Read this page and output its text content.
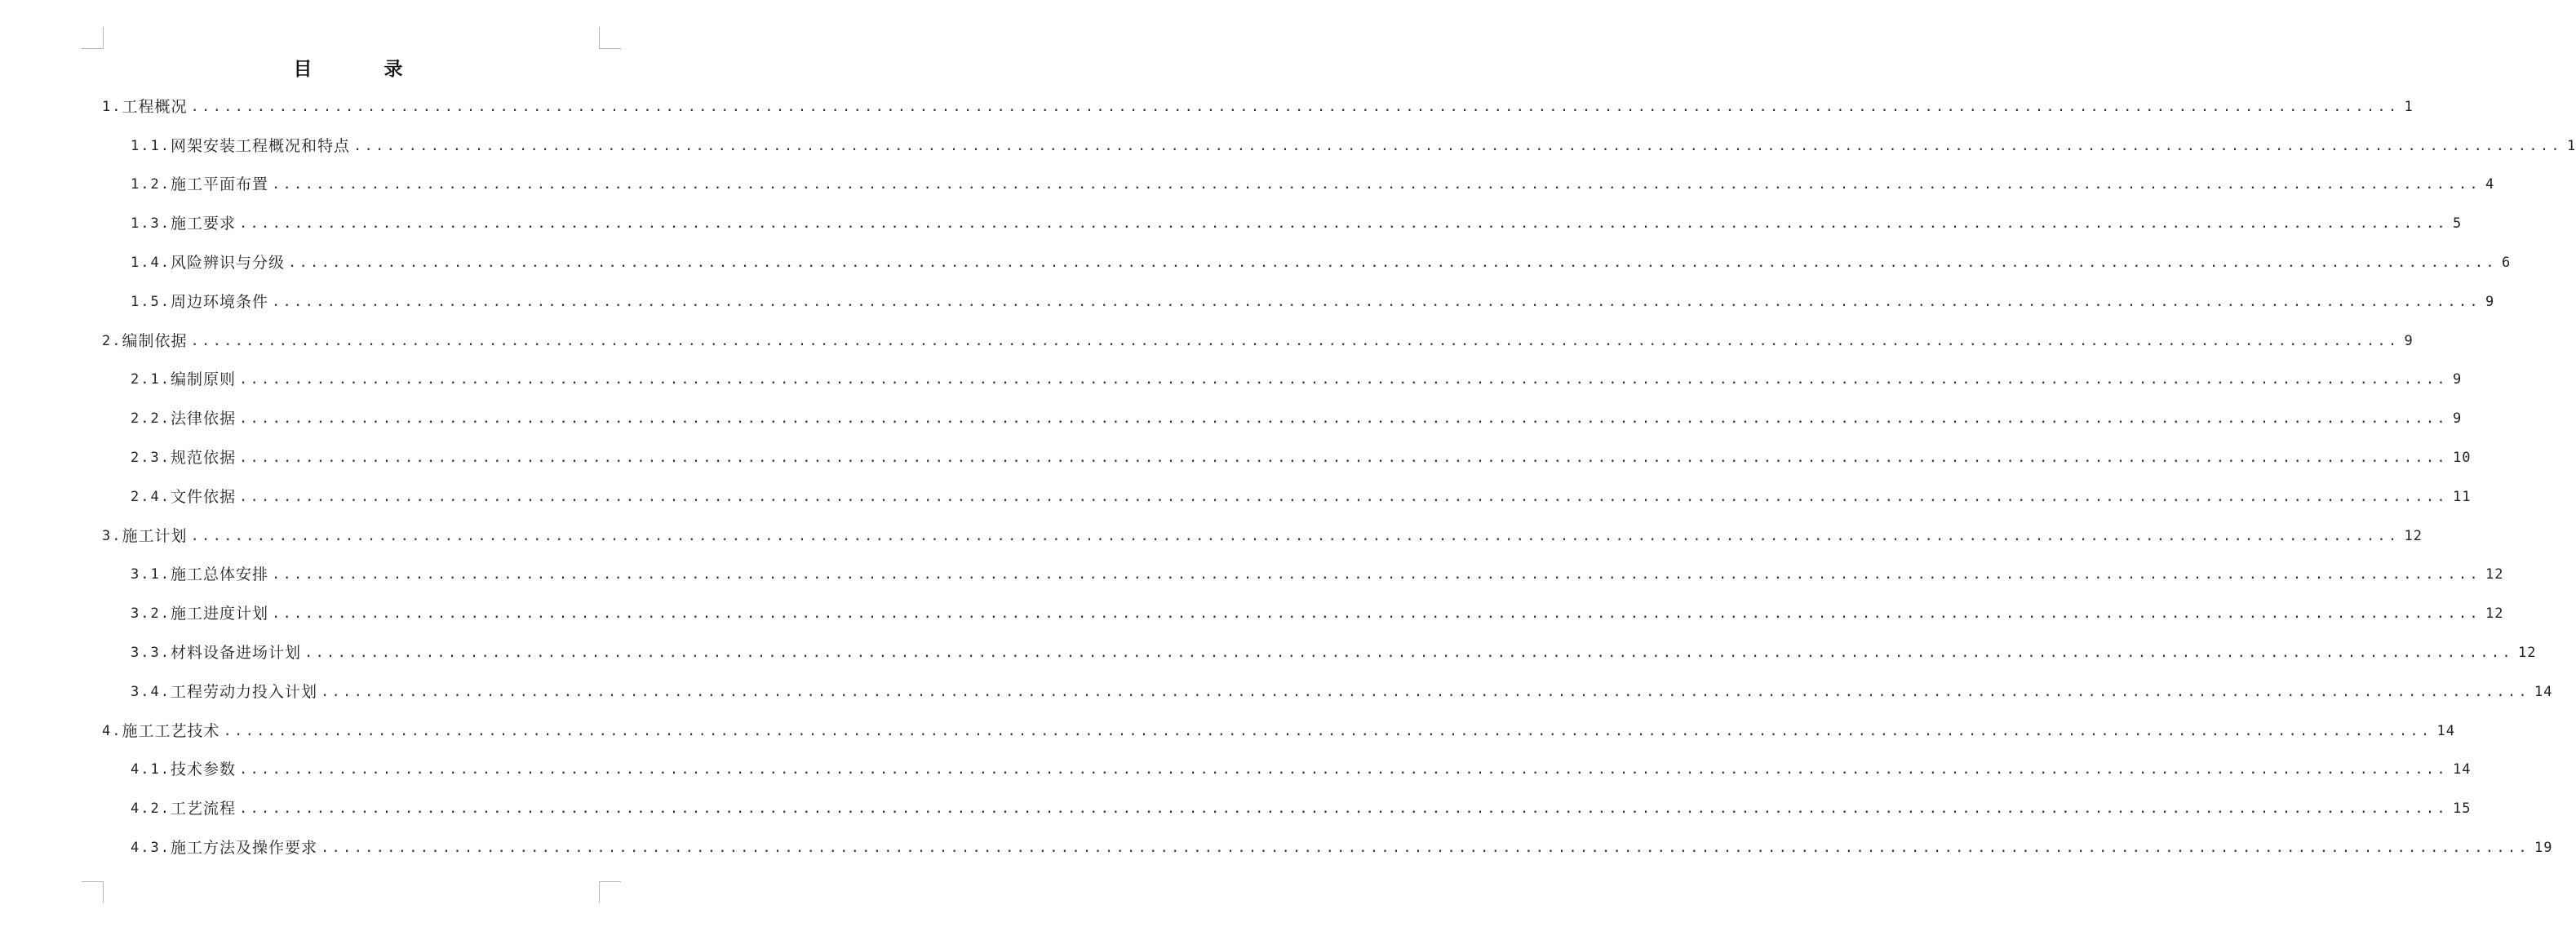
目	录
1. 工程概况 ........................................................................................................................................................................................................ 1
1.1. 网架安装工程概况和特点 ........................................................................................................................................................................................................ 1
1.2. 施工平面布置 ........................................................................................................................................................................................................ 4
1.3. 施工要求 ........................................................................................................................................................................................................ 5
1.4. 风险辨识与分级 ........................................................................................................................................................................................................ 6
1.5. 周边环境条件 ........................................................................................................................................................................................................ 9
2. 编制依据 ........................................................................................................................................................................................................ 9
2.1. 编制原则 ........................................................................................................................................................................................................ 9
2.2. 法律依据 ........................................................................................................................................................................................................ 9
2.3. 规范依据 ........................................................................................................................................................................................................ 10
2.4. 文件依据 ........................................................................................................................................................................................................ 11
3. 施工计划 ........................................................................................................................................................................................................ 12
3.1. 施工总体安排 ........................................................................................................................................................................................................ 12
3.2. 施工进度计划 ........................................................................................................................................................................................................ 12
3.3. 材料设备进场计划 ........................................................................................................................................................................................................ 12
3.4. 工程劳动力投入计划 ........................................................................................................................................................................................................ 14
4. 施工工艺技术 ........................................................................................................................................................................................................ 14
4.1. 技术参数 ........................................................................................................................................................................................................ 14
4.2. 工艺流程 ........................................................................................................................................................................................................ 15
4.3. 施工方法及操作要求 ........................................................................................................................................................................................................ 19
